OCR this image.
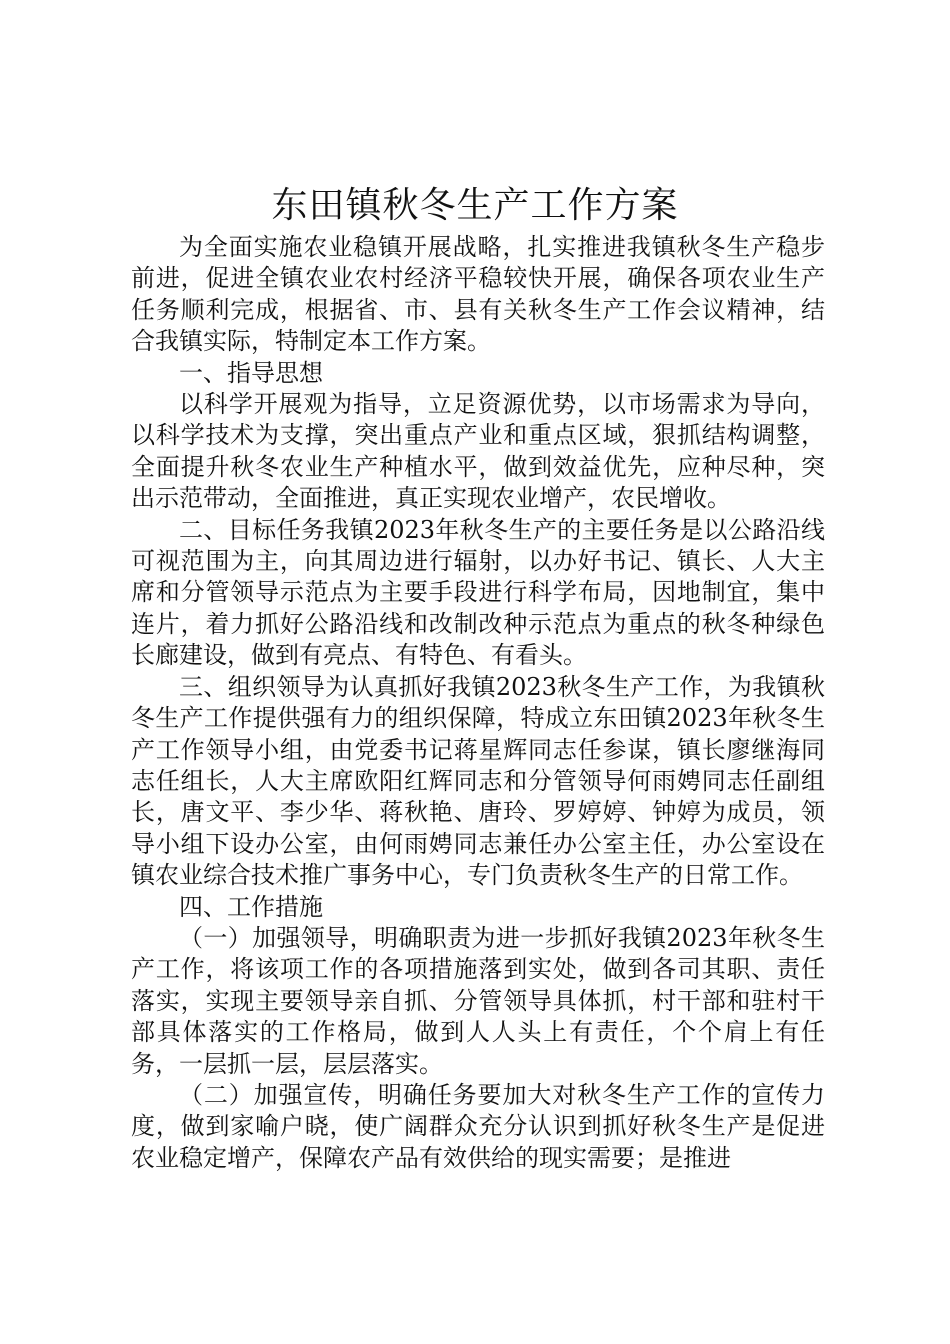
东田镇秋冬生产工作方案

为全面实施农业稳镇开展战略，扎实推进我镇秋冬生产稳步前进，促进全镇农业农村经济平稳较快开展，确保各项农业生产任务顺利完成，根据省、市、县有关秋冬生产工作会议精神，结合我镇实际，特制定本工作方案。

一、指导思想

以科学开展观为指导，立足资源优势，以市场需求为导向，以科学技术为支撑，突出重点产业和重点区域，狠抓结构调整，全面提升秋冬农业生产种植水平，做到效益优先，应种尽种，突出示范带动，全面推进，真正实现农业增产，农民增收。

二、目标任务我镇2023年秋冬生产的主要任务是以公路沿线可视范围为主，向其周边进行辐射，以办好书记、镇长、人大主席和分管领导示范点为主要手段进行科学布局，因地制宜，集中连片，着力抓好公路沿线和改制改种示范点为重点的秋冬种绿色长廊建设，做到有亮点、有特色、有看头。

三、组织领导为认真抓好我镇2023秋冬生产工作，为我镇秋冬生产工作提供强有力的组织保障，特成立东田镇2023年秋冬生产工作领导小组，由党委书记蒋星辉同志任参谋，镇长廖继海同志任组长，人大主席欧阳红辉同志和分管领导何雨娉同志任副组长，唐文平、李少华、蒋秋艳、唐玲、罗婷婷、钟婷为成员，领导小组下设办公室，由何雨娉同志兼任办公室主任，办公室设在镇农业综合技术推广事务中心，专门负责秋冬生产的日常工作。

四、工作措施

（一）加强领导，明确职责为进一步抓好我镇2023年秋冬生产工作，将该项工作的各项措施落到实处，做到各司其职、责任落实，实现主要领导亲自抓、分管领导具体抓，村干部和驻村干部具体落实的工作格局，做到人人头上有责任，个个肩上有任务，一层抓一层，层层落实。

（二）加强宣传，明确任务要加大对秋冬生产工作的宣传力度，做到家喻户晓，使广阔群众充分认识到抓好秋冬生产是促进农业稳定增产，保障农产品有效供给的现实需要；是推进
